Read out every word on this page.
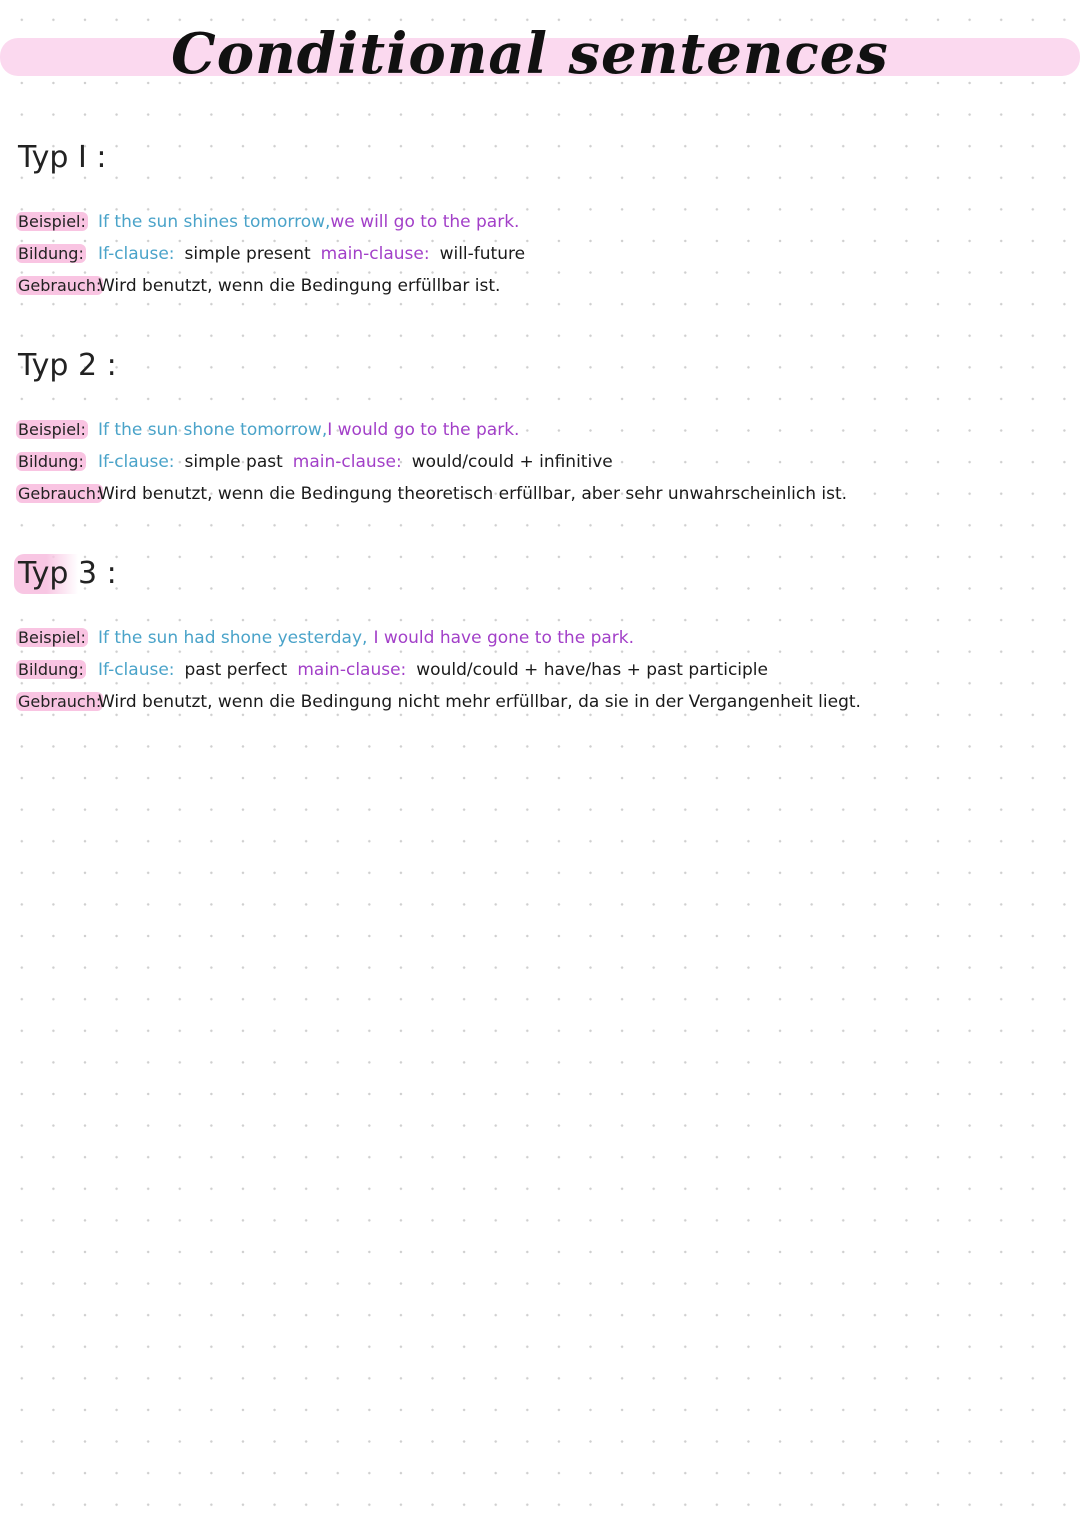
Conditional sentences
Typ I :
Beispiel: If the sun shines tomorrow, we will go to the park.
Bildung: If-clause: simple present main-clause: will-future
Gebrauch:
Wird benutzt, wenn die Bedingung erfüllbar ist.
Typ 2 :
Beispiel: If the sun shone tomorrow, I would go to the park.
Bildung: If-clause: simple past main-clause: would/could + infinitive
Gebrauch:
Wird benutzt, wenn die Bedingung theoretisch erfüllbar, aber sehr unwahrscheinlich ist.
Typ 3 :
Beispiel: If the sun had shone yesterday, I would have gone to the park.
Bildung: If-clause: past perfect main-clause: would/could + have/has + past participle
Gebrauch:
Wird benutzt, wenn die Bedingung nicht mehr erfüllbar, da sie in der Vergangenheit liegt.
